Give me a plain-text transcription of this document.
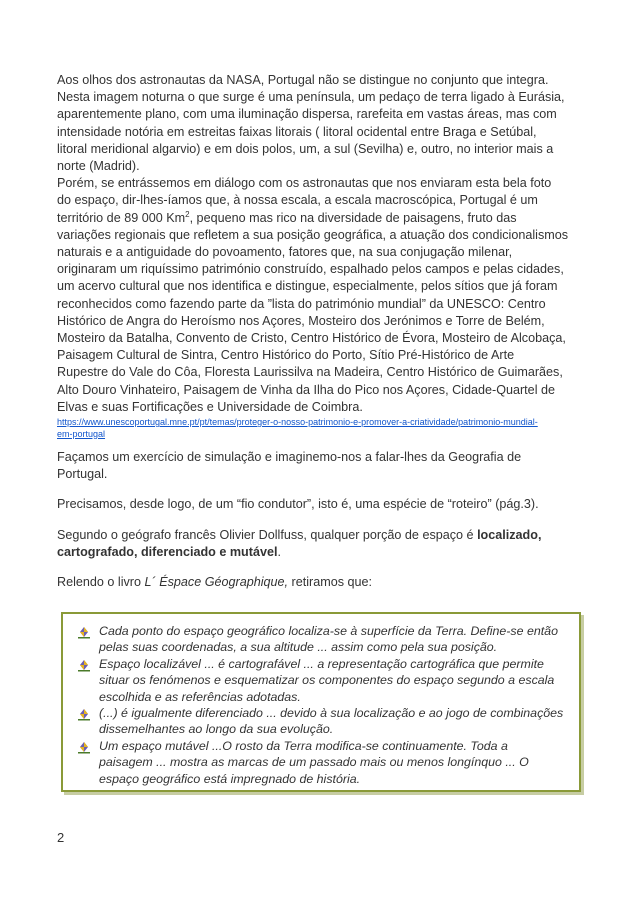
Aos olhos dos astronautas da NASA, Portugal não se distingue no conjunto que integra.
Nesta imagem noturna o que surge é uma península, um pedaço de terra ligado à Eurásia,
aparentemente plano, com uma iluminação dispersa, rarefeita em vastas áreas, mas com
intensidade notória em estreitas faixas litorais ( litoral ocidental entre Braga e Setúbal,
litoral meridional algarvio) e em dois polos, um, a sul (Sevilha) e, outro, no interior mais a
norte (Madrid).
Porém, se entrássemos em diálogo com os astronautas que nos enviaram esta bela foto
do espaço, dir-lhes-íamos que, à nossa escala, a escala macroscópica, Portugal é um
território de 89 000 Km$^2$, pequeno mas rico na diversidade de paisagens, fruto das
variações regionais que refletem a sua posição geográfica, a atuação dos condicionalismos
naturais e a antiguidade do povoamento, fatores que, na sua conjugação milenar,
originaram um riquíssimo património construído, espalhado pelos campos e pelas cidades,
um acervo cultural que nos identifica e distingue, especialmente, pelos sítios que já foram
reconhecidos como fazendo parte da ”lista do património mundial” da UNESCO: Centro
Histórico de Angra do Heroísmo nos Açores, Mosteiro dos Jerónimos e Torre de Belém,
Mosteiro da Batalha, Convento de Cristo, Centro Histórico de Évora, Mosteiro de Alcobaça,
Paisagem Cultural de Sintra, Centro Histórico do Porto, Sítio Pré-Histórico de Arte
Rupestre do Vale do Côa, Floresta Laurissilva na Madeira, Centro Histórico de Guimarães,
Alto Douro Vinhateiro, Paisagem de Vinha da Ilha do Pico nos Açores, Cidade-Quartel de
Elvas e suas Fortificações e Universidade de Coimbra.

https://www.unescoportugal.mne.pt/pt/temas/proteger-o-nosso-patrimonio-e-promover-a-criatividade/patrimonio-mundial-
em-portugal

Façamos um exercício de simulação e imaginemo-nos a falar-lhes da Geografia de
Portugal.

Precisamos, desde logo, de um “fio condutor”, isto é, uma espécie de “roteiro” (pág.3).

Segundo o geógrafo francês Olivier Dollfuss, qualquer porção de espaço é localizado,
cartografado, diferenciado e mutável.

Relendo o livro L´ Éspace Géographique, retiramos que:

Cada ponto do espaço geográfico localiza-se à superfície da Terra. Define-se então
pelas suas coordenadas, a sua altitude ... assim como pela sua posição.
Espaço localizável ... é cartografável ... a representação cartográfica que permite
situar os fenómenos e esquematizar os componentes do espaço segundo a escala
escolhida e as referências adotadas.
(...) é igualmente diferenciado ... devido à sua localização e ao jogo de combinações
dissemelhantes ao longo da sua evolução.
Um espaço mutável ...O rosto da Terra modifica-se continuamente. Toda a
paisagem ... mostra as marcas de um passado mais ou menos longínquo ... O
espaço geográfico está impregnado de história.
2
